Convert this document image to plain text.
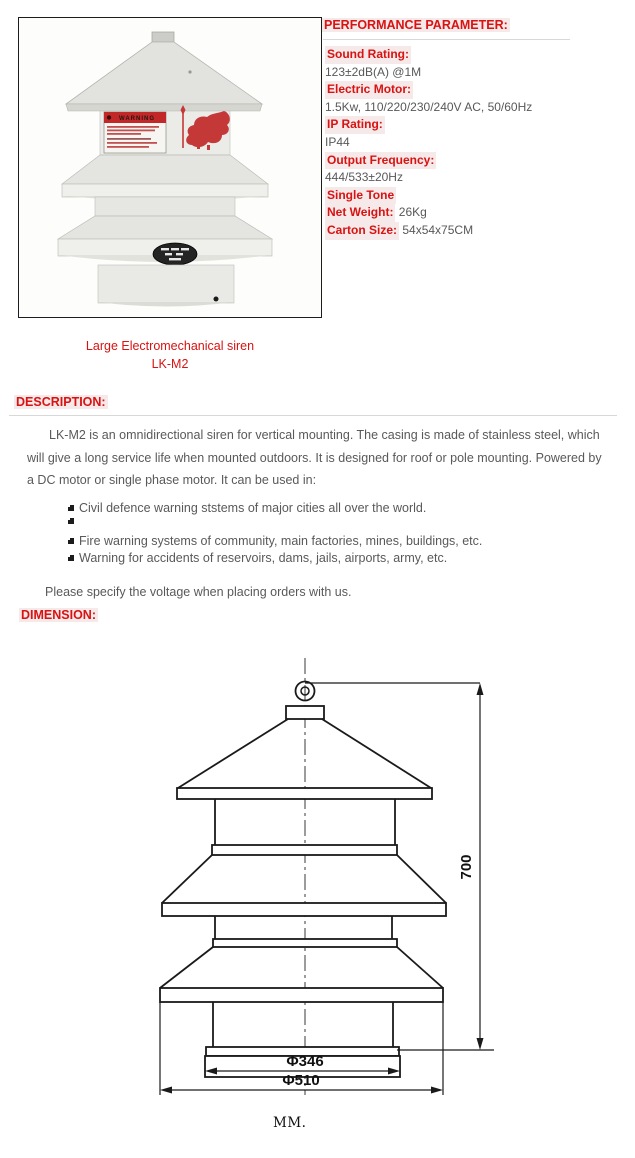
WARNING
PERFORMANCE PARAMETER:
Sound Rating:
123±2dB(A) @1M
Electric Motor:
1.5Kw, 110/220/230/240V AC, 50/60Hz
IP Rating:
IP44
Output Frequency:
444/533±20Hz
Single Tone
Net Weight: 26Kg
Carton Size: 54x54x75CM
Large Electromechanical siren
LK-M2
DESCRIPTION:

LK-M2 is an omnidirectional siren for vertical mounting. The casing is made of stainless steel, which will give a long service life when mounted outdoors. It is designed for roof or pole mounting. Powered by a DC motor or single phase motor. It can be used in:

Civil defence warning ststems of major cities all over the world.
Fire warning systems of community, main factories, mines, buildings, etc.
Warning for accidents of reservoirs, dams, jails, airports, army, etc.
Please specify the voltage when placing orders with us.
DIMENSION:
Φ346
Φ510
700
MM.
